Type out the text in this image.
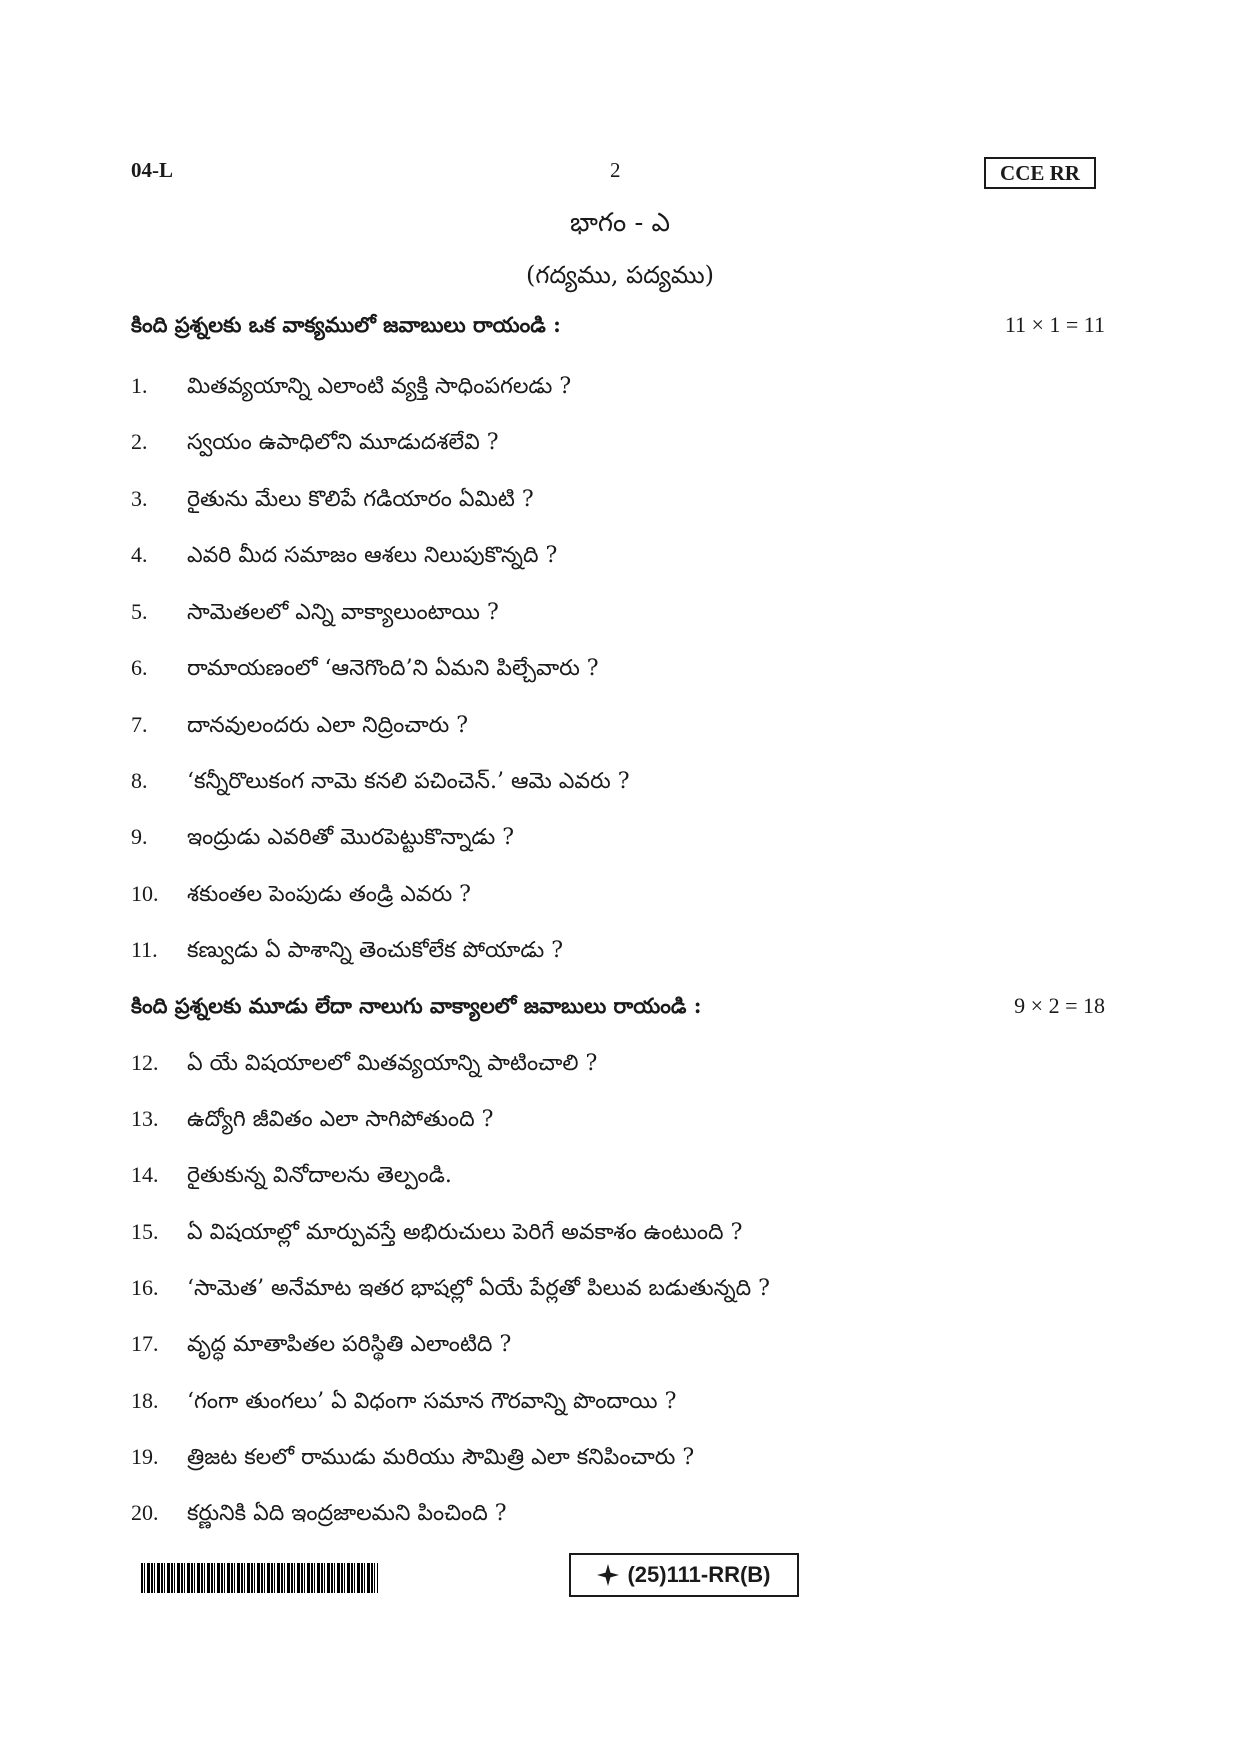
04-L	2	CCE RR
భాగం - ఎ
(గద్యము, పద్యము)
కింది ప్రశ్నలకు ఒక వాక్యములో జవాబులు రాయండి :	11 × 1 = 11
1. మితవ్యయాన్ని ఎలాంటి వ్యక్తి సాధింపగలడు ?
2. స్వయం ఉపాధిలోని మూడుదశలేవి ?
3. రైతును మేలు కొలిపే గడియారం ఏమిటి ?
4. ఎవరి మీద సమాజం ఆశలు నిలుపుకొన్నది ?
5. సామెతలలో ఎన్ని వాక్యాలుంటాయి ?
6. రామాయణంలో ‘ఆనెగొంది’ని ఏమని పిల్చేవారు ?
7. దానవులందరు ఎలా నిద్రించారు ?
8. ‘కన్నీరొలుకంగ నామె కనలి పచించెన్.’ ఆమె ఎవరు ?
9. ఇంద్రుడు ఎవరితో మొరపెట్టుకొన్నాడు ?
10. శకుంతల పెంపుడు తండ్రి ఎవరు ?
11. కణ్వుడు ఏ పాశాన్ని తెంచుకోలేక పోయాడు ?
కింది ప్రశ్నలకు మూడు లేదా నాలుగు వాక్యాలలో జవాబులు రాయండి :	9 × 2 = 18
12. ఏ యే విషయాలలో మితవ్యయాన్ని పాటించాలి ?
13. ఉద్యోగి జీవితం ఎలా సాగిపోతుంది ?
14. రైతుకున్న వినోదాలను తెల్పండి.
15. ఏ విషయాల్లో మార్పువస్తే అభిరుచులు పెరిగే అవకాశం ఉంటుంది ?
16. ‘సామెత’ అనేమాట ఇతర భాషల్లో ఏయే పేర్లతో పిలువ బడుతున్నది ?
17. వృద్ధ మాతాపితల పరిస్థితి ఎలాంటిది ?
18. ‘గంగా తుంగలు’ ఏ విధంగా సమాన గౌరవాన్ని పొందాయి ?
19. త్రిజట కలలో రాముడు మరియు సౌమిత్రి ఎలా కనిపించారు ?
20. కర్ణునికి ఏది ఇంద్రజాలమని పించింది ?
(25)111-RR(B)
